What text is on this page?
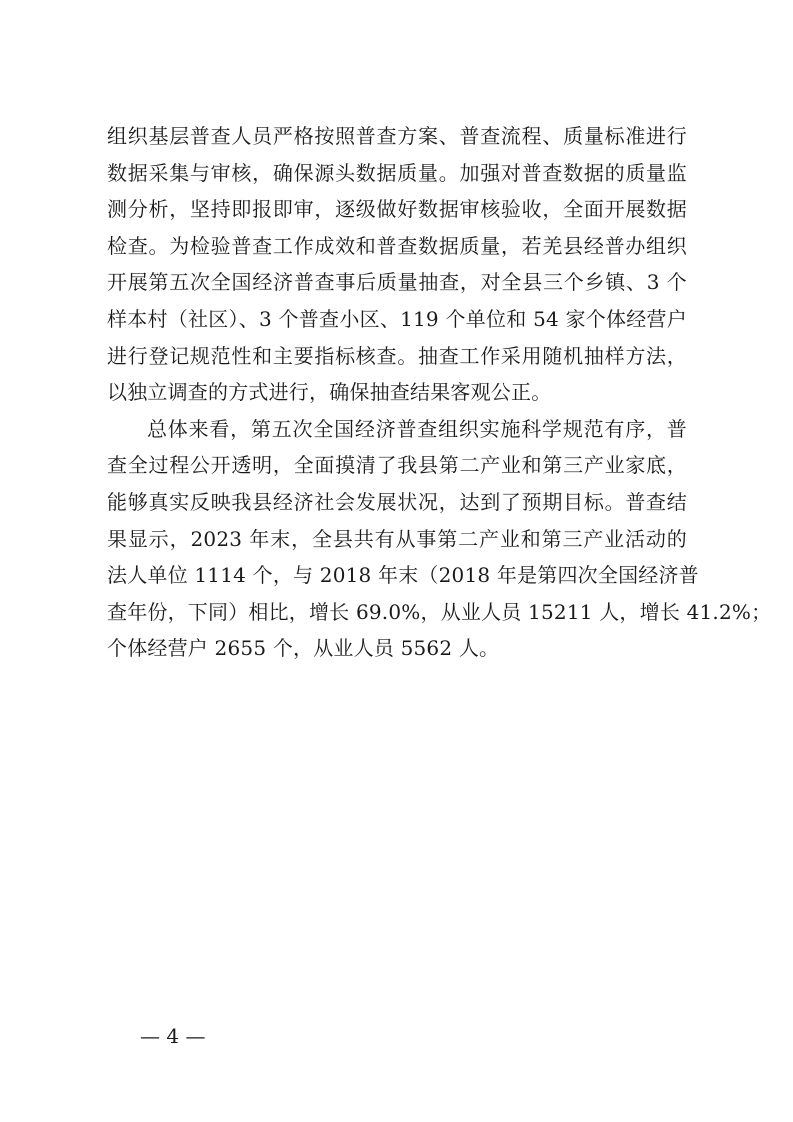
组织基层普查人员严格按照普查方案、普查流程、质量标准进行
数据采集与审核，确保源头数据质量。加强对普查数据的质量监
测分析，坚持即报即审，逐级做好数据审核验收，全面开展数据
检查。为检验普查工作成效和普查数据质量，若羌县经普办组织
开展第五次全国经济普查事后质量抽查，对全县三个乡镇、3 个
样本村（社区）、3 个普查小区、119 个单位和 54 家个体经营户
进行登记规范性和主要指标核查。抽查工作采用随机抽样方法，
以独立调查的方式进行，确保抽查结果客观公正。
总体来看，第五次全国经济普查组织实施科学规范有序，普
查全过程公开透明，全面摸清了我县第二产业和第三产业家底，
能够真实反映我县经济社会发展状况，达到了预期目标。普查结
果显示，2023 年末，全县共有从事第二产业和第三产业活动的
法人单位 1114 个，与 2018 年末（2018 年是第四次全国经济普
查年份，下同）相比，增长 69.0%，从业人员 15211 人，增长 41.2%；
个体经营户 2655 个，从业人员 5562 人。
— 4 —
